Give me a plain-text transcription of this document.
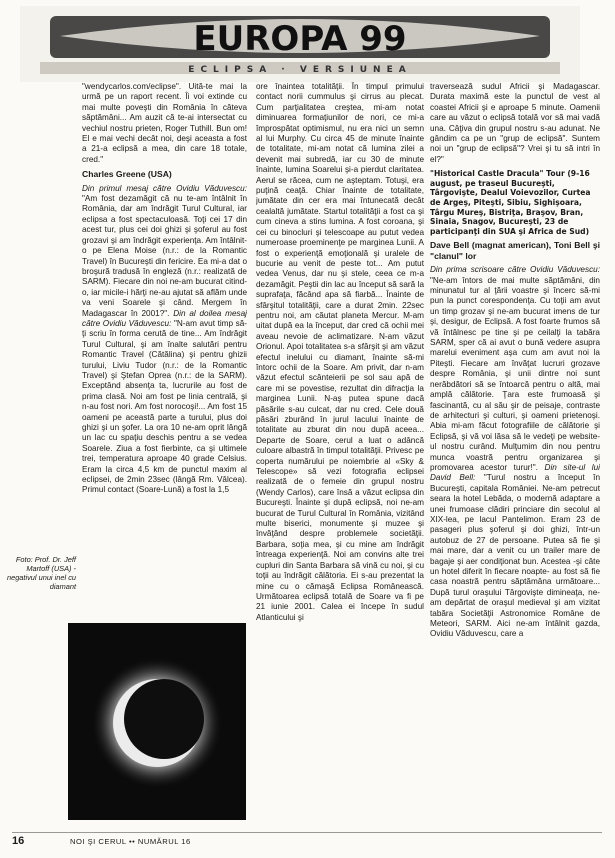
EUROPA 99
ECLIPSA · VERSIUNEA

"wendycarlos.com/eclipse". Uită-te mai la urmă pe un raport recent. Îi voi extinde cu mai multe poveşti din România în câteva săptămâni... Am auzit că te-ai intersectat cu vechiul nostru prieten, Roger Tuthill. Bun om! El e mai vechi decât noi, deşi aceasta a fost a 21-a eclipsă a mea, din care 18 totale, cred."

Charles Greene (USA)

Din primul mesaj către Ovidiu Văduvescu: "Am fost dezamăgit că nu te-am întâlnit în România, dar am îndrăgit Turul Cultural, iar eclipsa a fost spectaculoasă. Toţi cei 17 din acest tur, plus cei doi ghizi şi şoferul au fost grozavi şi am îndrăgit experienţa. Am întâlnit-o pe Elena Moise (n.r.: de la Romantic Travel) în Bucureşti din fericire. Ea mi-a dat o broşură tradusă în engleză (n.r.: realizată de SARM). Fiecare din noi ne-am bucurat citind-o, iar micile-i hărţi ne-au ajutat să aflăm unde va veni Soarele şi când. Mergem în Madagascar în 2001?". Din al doilea mesaj către Ovidiu Văduvescu: "N-am avut timp să-ţi scriu în forma cerută de tine... Am îndrăgit Turul Cultural, şi am înalte salutări pentru Romantic Travel (Cătălina) şi pentru ghizii turului, Liviu Tudor (n.r.: de la Romantic Travel) şi Ştefan Oprea (n.r.: de la SARM). Exceptând absenţa ta, lucrurile au fost de prima clasă. Noi am fost pe linia centrală, şi n-au fost nori. Am fost norocoşi!... Am fost 15 oameni pe această parte a turului, plus doi ghizi şi un şofer. La ora 10 ne-am oprit lângă un lac cu spaţiu deschis pentru a se vedea Soarele. Ziua a fost fierbinte, ca şi ultimele trei, temperatura aproape 40 grade Celsius. Eram la circa 4,5 km de punctul maxim al eclipsei, de 2min 23sec (lângă Rm. Vâlcea). Primul contact (Soare-Lună) a fost la 1,5

Foto: Prof. Dr. Jeff Martoff (USA) - negativul unui inel cu diamant

ore înaintea totalităţii. În timpul primului contact norii cummulus şi cirrus au plecat. Cum parţialitatea creştea, mi-am notat diminuarea formaţiunilor de nori, ce mi-a împrospătat optimismul, nu era nici un semn al lui Murphy. Cu circa 45 de minute înainte de totalitate, mi-am notat că lumina zilei a devenit mai subredă, iar cu 30 de minute înainte, lumina Soarelui şi-a pierdut claritatea. Aerul se răcea, cum ne aşteptam. Totuşi, era puţină ceaţă. Chiar înainte de totalitate, jumătate din cer era mai întunecată decât cealaltă jumătate. Startul totalităţii a fost ca şi cum cineva a stins lumina. A fost coroana, şi cei cu binocluri şi telescoape au putut vedea numeroase proeminenţe pe marginea Lunii. A fost o experienţă emoţională şi uralele de bucurie au venit de peste tot... Am putut vedea Venus, dar nu şi stele, ceea ce m-a dezamăgit. Peştii din lac au început să sară la suprafaţa, făcând apa să fiarbă... Înainte de sfârşitul totalităţii, care a durat 2min. 22sec pentru noi, am căutat planeta Mercur. M-am uitat după ea la început, dar cred că ochii mei aveau nevoie de aclimatizare. N-am văzut Orionul. Apoi totalitatea s-a sfârşit şi am văzut efectul inelului cu diamant, înainte să-mi întorc ochii de la Soare. Am privit, dar n-am văzut efectul scânteierii pe sol sau apă de care mi se povestise, rezultat din difracţia la marginea Lunii. N-aş putea spune dacă păsările s-au culcat, dar nu cred. Cele două păsări zburând în jurul lacului înainte de totalitate au zburat din nou după aceea... Departe de Soare, cerul a luat o adâncă culoare albastră în timpul totalităţii. Privesc pe coperta numărului pe noiembrie al «Sky & Telescope» să vezi fotografia eclipsei realizată de o femeie din grupul nostru (Wendy Carlos), care însă a văzut eclipsa din Bucureşti. Înainte şi după eclipsă, noi ne-am bucurat de Turul Cultural în România, vizitând multe biserici, monumente şi muzee şi învăţând despre problemele societăţii. Barbara, soţia mea, şi cu mine am îndrăgit întreaga experienţă. Noi am convins alte trei cupluri din Santa Barbara să vină cu noi, şi cu toţii au îndrăgit călătoria. Ei s-au prezentat la mine cu o cămaşă Eclipsa Românească. Următoarea eclipsă totală de Soare va fi pe 21 iunie 2001. Calea ei începe în sudul Atlanticului şi

traversează sudul Africii şi Madagascar. Durata maximă este la punctul de vest al coastei Africii şi e aproape 5 minute. Oamenii care au văzut o eclipsă totală vor să mai vadă una. Câţiva din grupul nostru s-au adunat. Ne gândim ca pe un "grup de eclipsă". Suntem noi un "grup de eclipsă"? Vrei şi tu să intri în el?"

"Historical Castle Dracula" Tour (9-16 august, pe traseul Bucureşti, Târgovişte, Dealul Voievozilor, Curtea de Argeş, Piteşti, Sibiu, Sighişoara, Târgu Mureş, Bistriţa, Braşov, Bran, Sinaia, Snagov, Bucureşti, 23 de participanţi din SUA şi Africa de Sud)

Dave Bell (magnat american), Toni Bell şi "clanul" lor

Din prima scrisoare către Ovidiu Văduvescu: "Ne-am întors de mai multe săptămâni, din minunatul tur al ţării voastre şi încerc să-mi pun la punct corespondenţa. Cu toţii am avut un timp grozav şi ne-am bucurat imens de tur şi, desigur, de Eclipsă. A fost foarte frumos să vă întâlnesc pe tine şi pe ceilalţi la tabăra SARM, sper că ai avut o bună vedere asupra marelui eveniment aşa cum am avut noi la Piteşti. Fiecare am învăţat lucruri grozave despre România, şi unii dintre noi sunt nerăbdători să se întoarcă pentru o altă, mai amplă călătorie. Ţara este frumoasă şi fascinantă, cu al său şir de peisaje, contraste de arhitecturi şi culturi, şi oameni prietenoşi. Abia mi-am făcut fotografiile de călătorie şi Eclipsă, şi vă voi lăsa să le vedeţi pe website-ul nostru curând. Mulţumim din nou pentru munca voastră pentru organizarea şi promovarea acestor turur!". Din site-ul lui David Bell: "Turul nostru a început în Bucureşti, capitala României. Ne-am petrecut seara la hotel Lebăda, o modernă adaptare a unei frumoase clădiri princiare din secolul al XIX-lea, pe lacul Pantelimon. Eram 23 de pasageri plus şoferul şi doi ghizi, într-un autobuz de 27 de persoane. Putea să fie şi mai mare, dar a venit cu un trailer mare de bagaje şi aer condiţionat bun. Acestea -şi câte un hotel diferit în fiecare noapte- au fost să fie casa noastră pentru săptămâna următoare... După turul oraşului Târgovişte dimineaţa, ne-am depărtat de oraşul medieval şi am vizitat tabăra Societăţii Astronomice Române de Meteori, SARM. Aici ne-am întâlnit gazda, Ovidiu Văduvescu, care a

16	NOI ŞI CERUL •• NUMĂRUL 16
